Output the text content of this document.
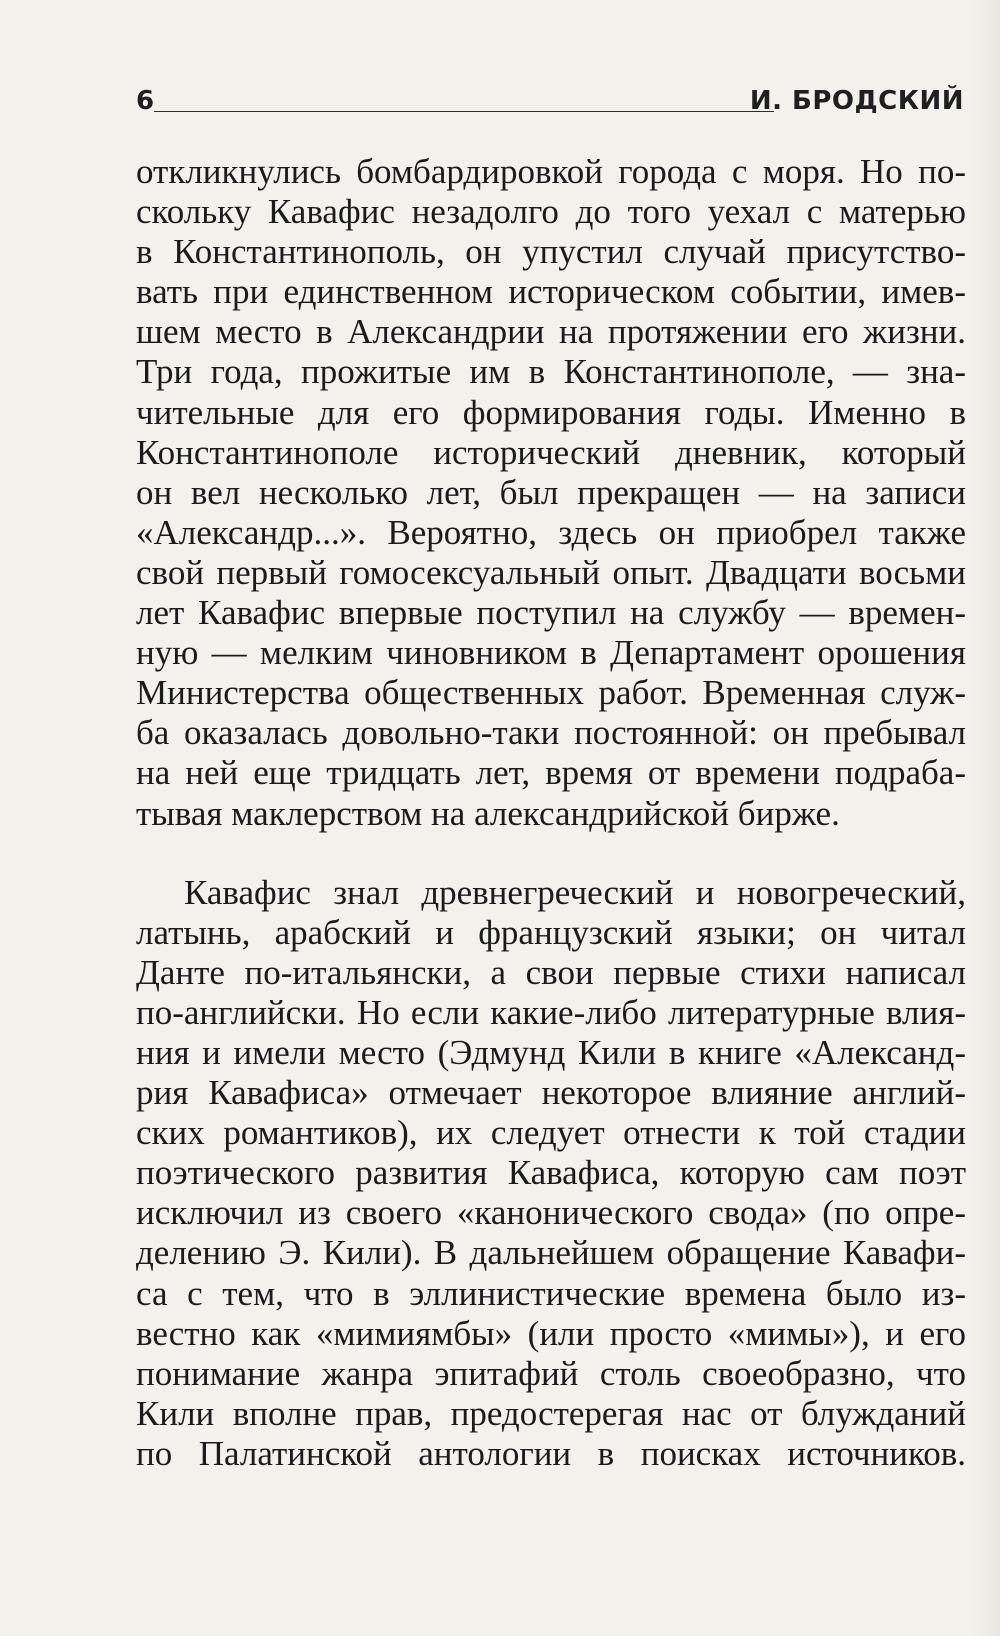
6	И. БРОДСКИЙ
откликнулись бомбардировкой города с моря. Но по-
скольку Кавафис незадолго до того уехал с матерью
в Константинополь, он упустил случай присутство-
вать при единственном историческом событии, имев-
шем место в Александрии на протяжении его жизни.
Три года, прожитые им в Константинополе, — зна-
чительные для его формирования годы. Именно в
Константинополе исторический дневник, который
он вел несколько лет, был прекращен — на записи
«Александр...». Вероятно, здесь он приобрел также
свой первый гомосексуальный опыт. Двадцати восьми
лет Кавафис впервые поступил на службу — времен-
ную — мелким чиновником в Департамент орошения
Министерства общественных работ. Временная служ-
ба оказалась довольно-таки постоянной: он пребывал
на ней еще тридцать лет, время от времени подраба-
тывая маклерством на александрийской бирже.
Кавафис знал древнегреческий и новогреческий,
латынь, арабский и французский языки; он читал
Данте по-итальянски, а свои первые стихи написал
по-английски. Но если какие-либо литературные влия-
ния и имели место (Эдмунд Кили в книге «Александ-
рия Кавафиса» отмечает некоторое влияние англий-
ских романтиков), их следует отнести к той стадии
поэтического развития Кавафиса, которую сам поэт
исключил из своего «канонического свода» (по опре-
делению Э. Кили). В дальнейшем обращение Кавафи-
са с тем, что в эллинистические времена было из-
вестно как «мимиямбы» (или просто «мимы»), и его
понимание жанра эпитафий столь своеобразно, что
Кили вполне прав, предостерегая нас от блужданий
по Палатинской антологии в поисках источников.
